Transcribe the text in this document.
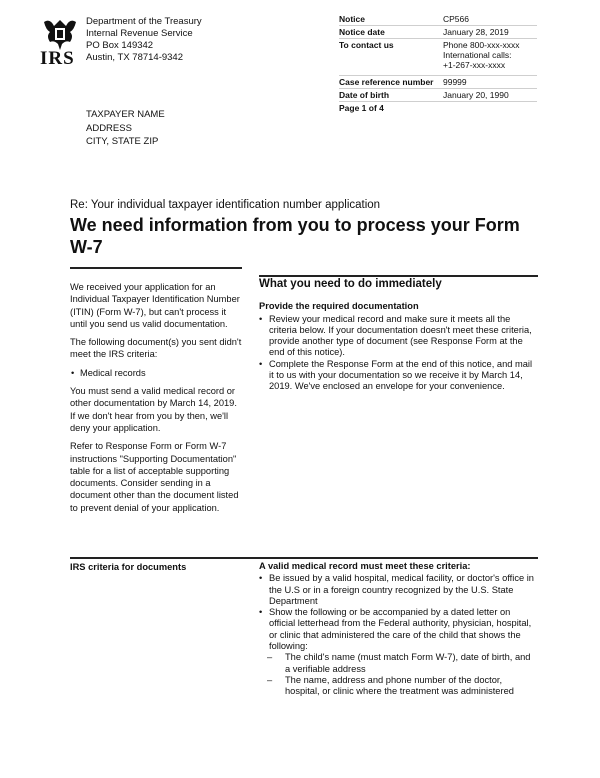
IRS
Department of the Treasury
Internal Revenue Service
PO Box 149342
Austin, TX 78714-9342
Notice	CP566
Notice date	January 28, 2019
To contact us	Phone 800-xxx-xxxx
International calls:
+1-267-xxx-xxxx
Case reference number	99999
Date of birth	January 20, 1990
Page 1 of 4
TAXPAYER NAME
ADDRESS
CITY, STATE ZIP
Re: Your individual taxpayer identification number application
We need information from you to process your Form W-7

We received your application for an Individual Taxpayer Identification Number (ITIN) (Form W-7), but can't process it until you send us valid documentation.

The following document(s) you sent didn't meet the IRS criteria:

• Medical records

You must send a valid medical record or other documentation by March 14, 2019. If we don't hear from you by then, we'll deny your application.

Refer to Response Form or Form W-7 instructions "Supporting Documentation" table for a list of acceptable supporting documents. Consider sending in a document other than the document listed to prevent denial of your application.

What you need to do immediately
Provide the required documentation
• Review your medical record and make sure it meets all the criteria below. If your documentation doesn't meet these criteria, provide another type of document (see Response Form at the end of this notice).
• Complete the Response Form at the end of this notice, and mail it to us with your documentation so we receive it by March 14, 2019. We've enclosed an envelope for your convenience.
IRS criteria for documents	A valid medical record must meet these criteria:
• Be issued by a valid hospital, medical facility, or doctor's office in the U.S or in a foreign country recognized by the U.S. State Department
• Show the following or be accompanied by a dated letter on official letterhead from the Federal authority, physician, hospital, or clinic that administered the care of the child that shows the following:
– The child's name (must match Form W-7), date of birth, and a verifiable address
– The name, address and phone number of the doctor, hospital, or clinic where the treatment was administered
